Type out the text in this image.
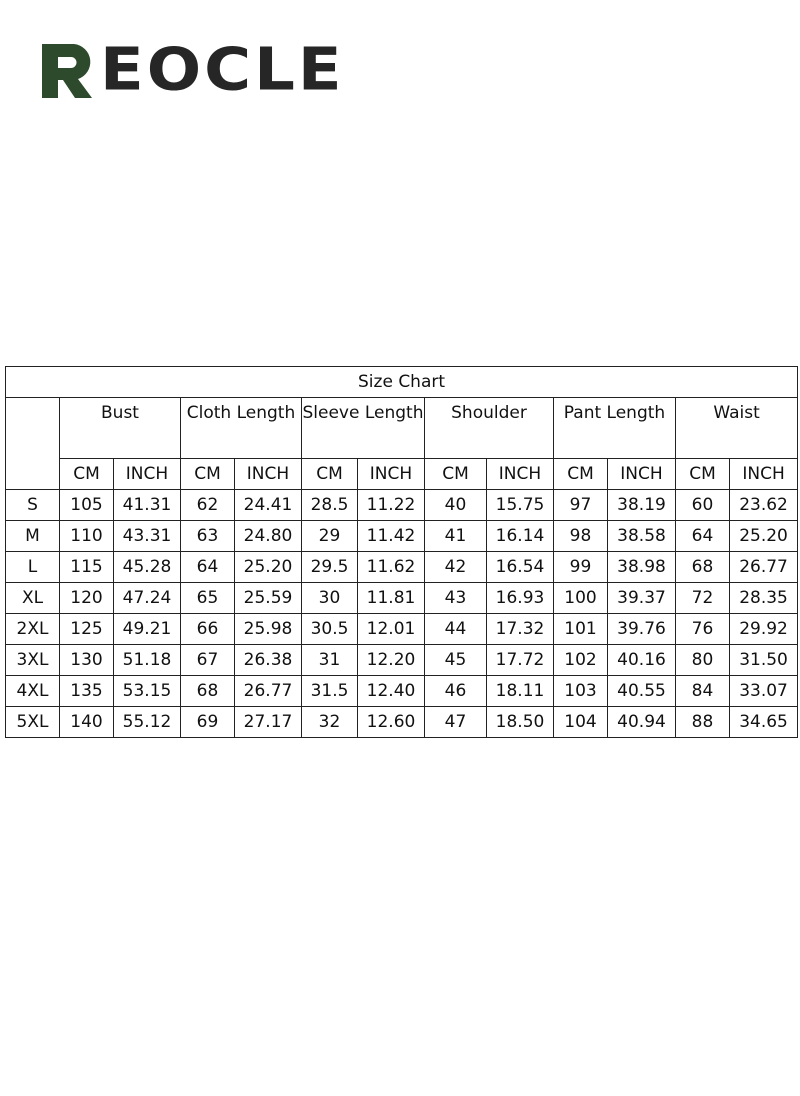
EOCLE
Size Chart												
	Bust		Cloth Length		Sleeve Length		Shoulder		Pant Length		Waist	
	CM	INCH	CM	INCH	CM	INCH	CM	INCH	CM	INCH	CM	INCH
S	105	41.31	62	24.41	28.5	11.22	40	15.75	97	38.19	60	23.62
M	110	43.31	63	24.80	29	11.42	41	16.14	98	38.58	64	25.20
L	115	45.28	64	25.20	29.5	11.62	42	16.54	99	38.98	68	26.77
XL	120	47.24	65	25.59	30	11.81	43	16.93	100	39.37	72	28.35
2XL	125	49.21	66	25.98	30.5	12.01	44	17.32	101	39.76	76	29.92
3XL	130	51.18	67	26.38	31	12.20	45	17.72	102	40.16	80	31.50
4XL	135	53.15	68	26.77	31.5	12.40	46	18.11	103	40.55	84	33.07
5XL	140	55.12	69	27.17	32	12.60	47	18.50	104	40.94	88	34.65
